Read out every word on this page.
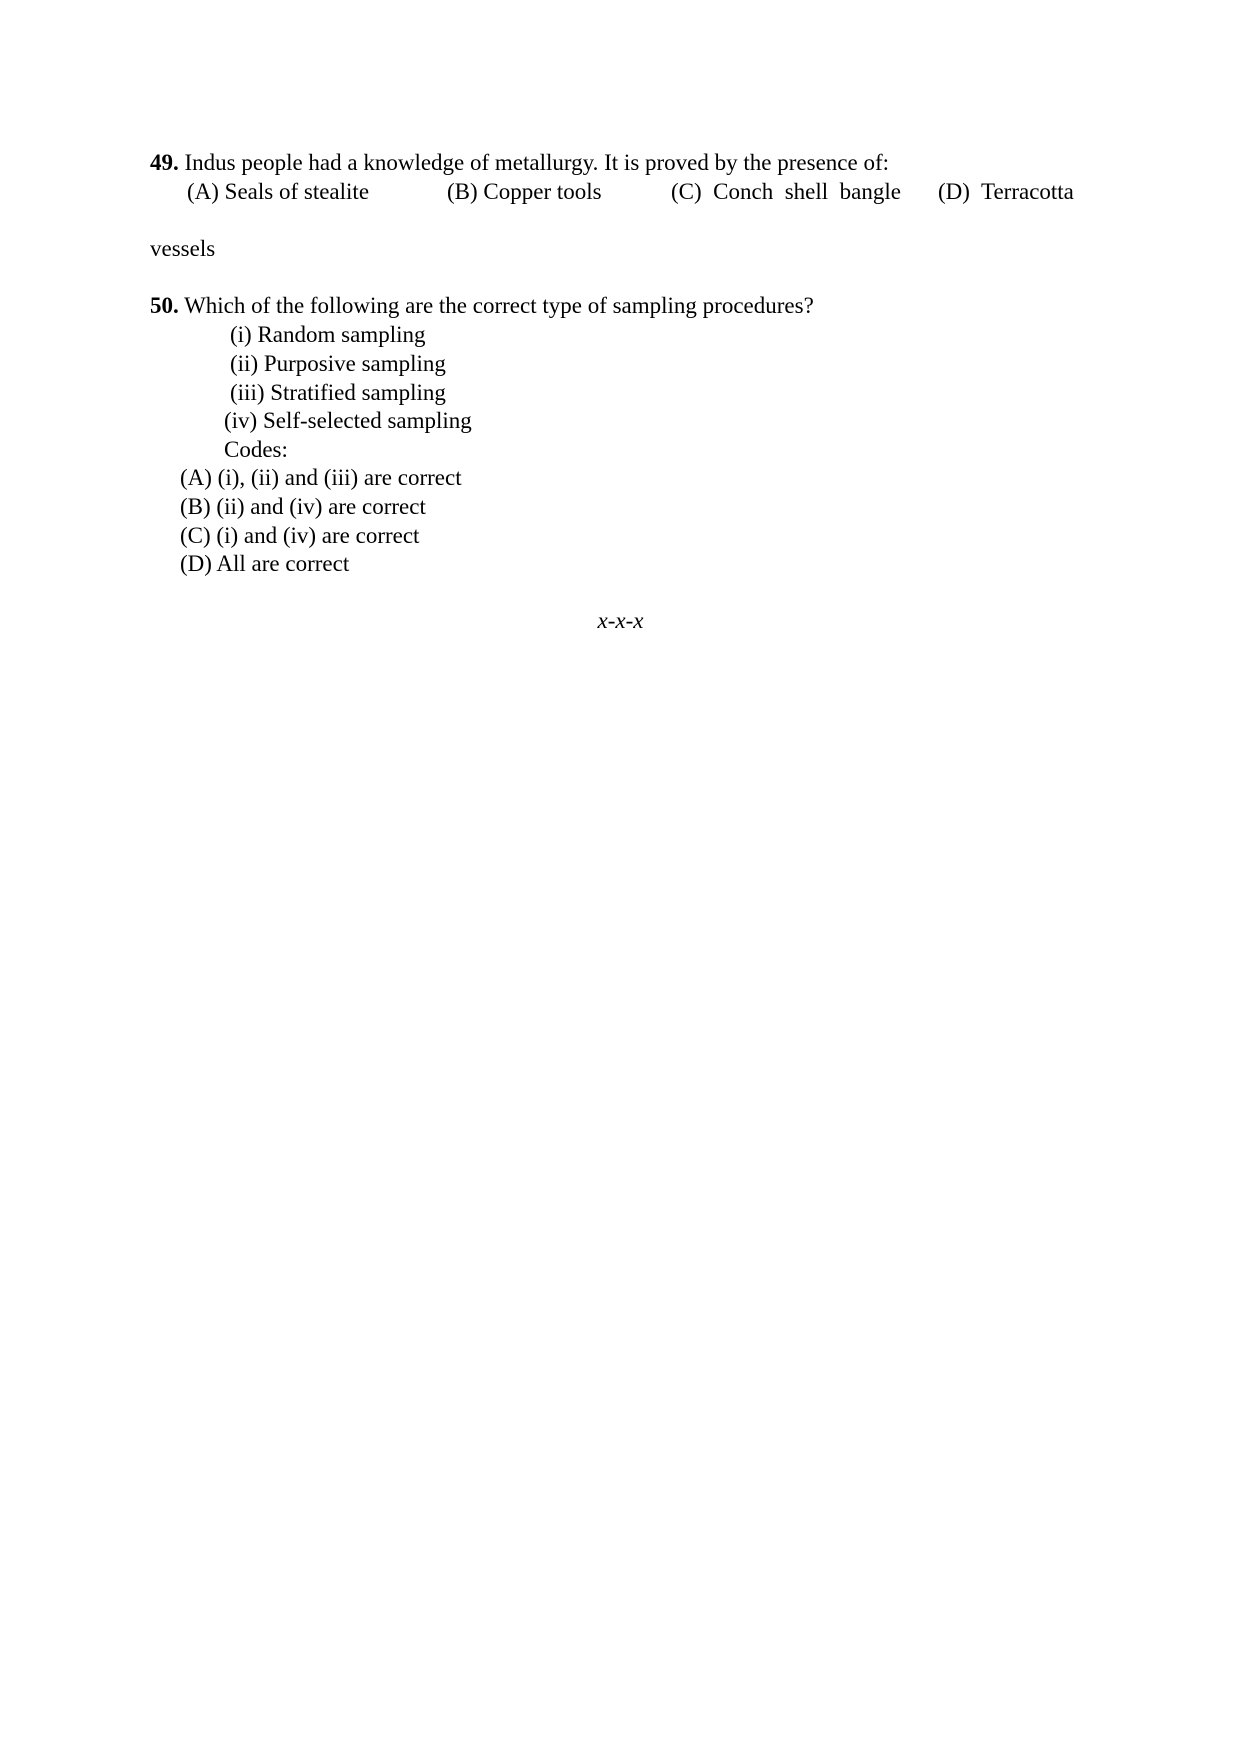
49. Indus people had a knowledge of metallurgy. It is proved by the presence of:
(A) Seals of stealite	(B) Copper tools	(C)  Conch  shell  bangle (D)  Terracotta
vessels
50. Which of the following are the correct type of sampling procedures?
(i) Random sampling
(ii) Purposive sampling
(iii) Stratified sampling
(iv) Self-selected sampling
Codes:
(A) (i), (ii) and (iii) are correct
(B) (ii) and (iv) are correct
(C) (i) and (iv) are correct
(D) All are correct
x-x-x
